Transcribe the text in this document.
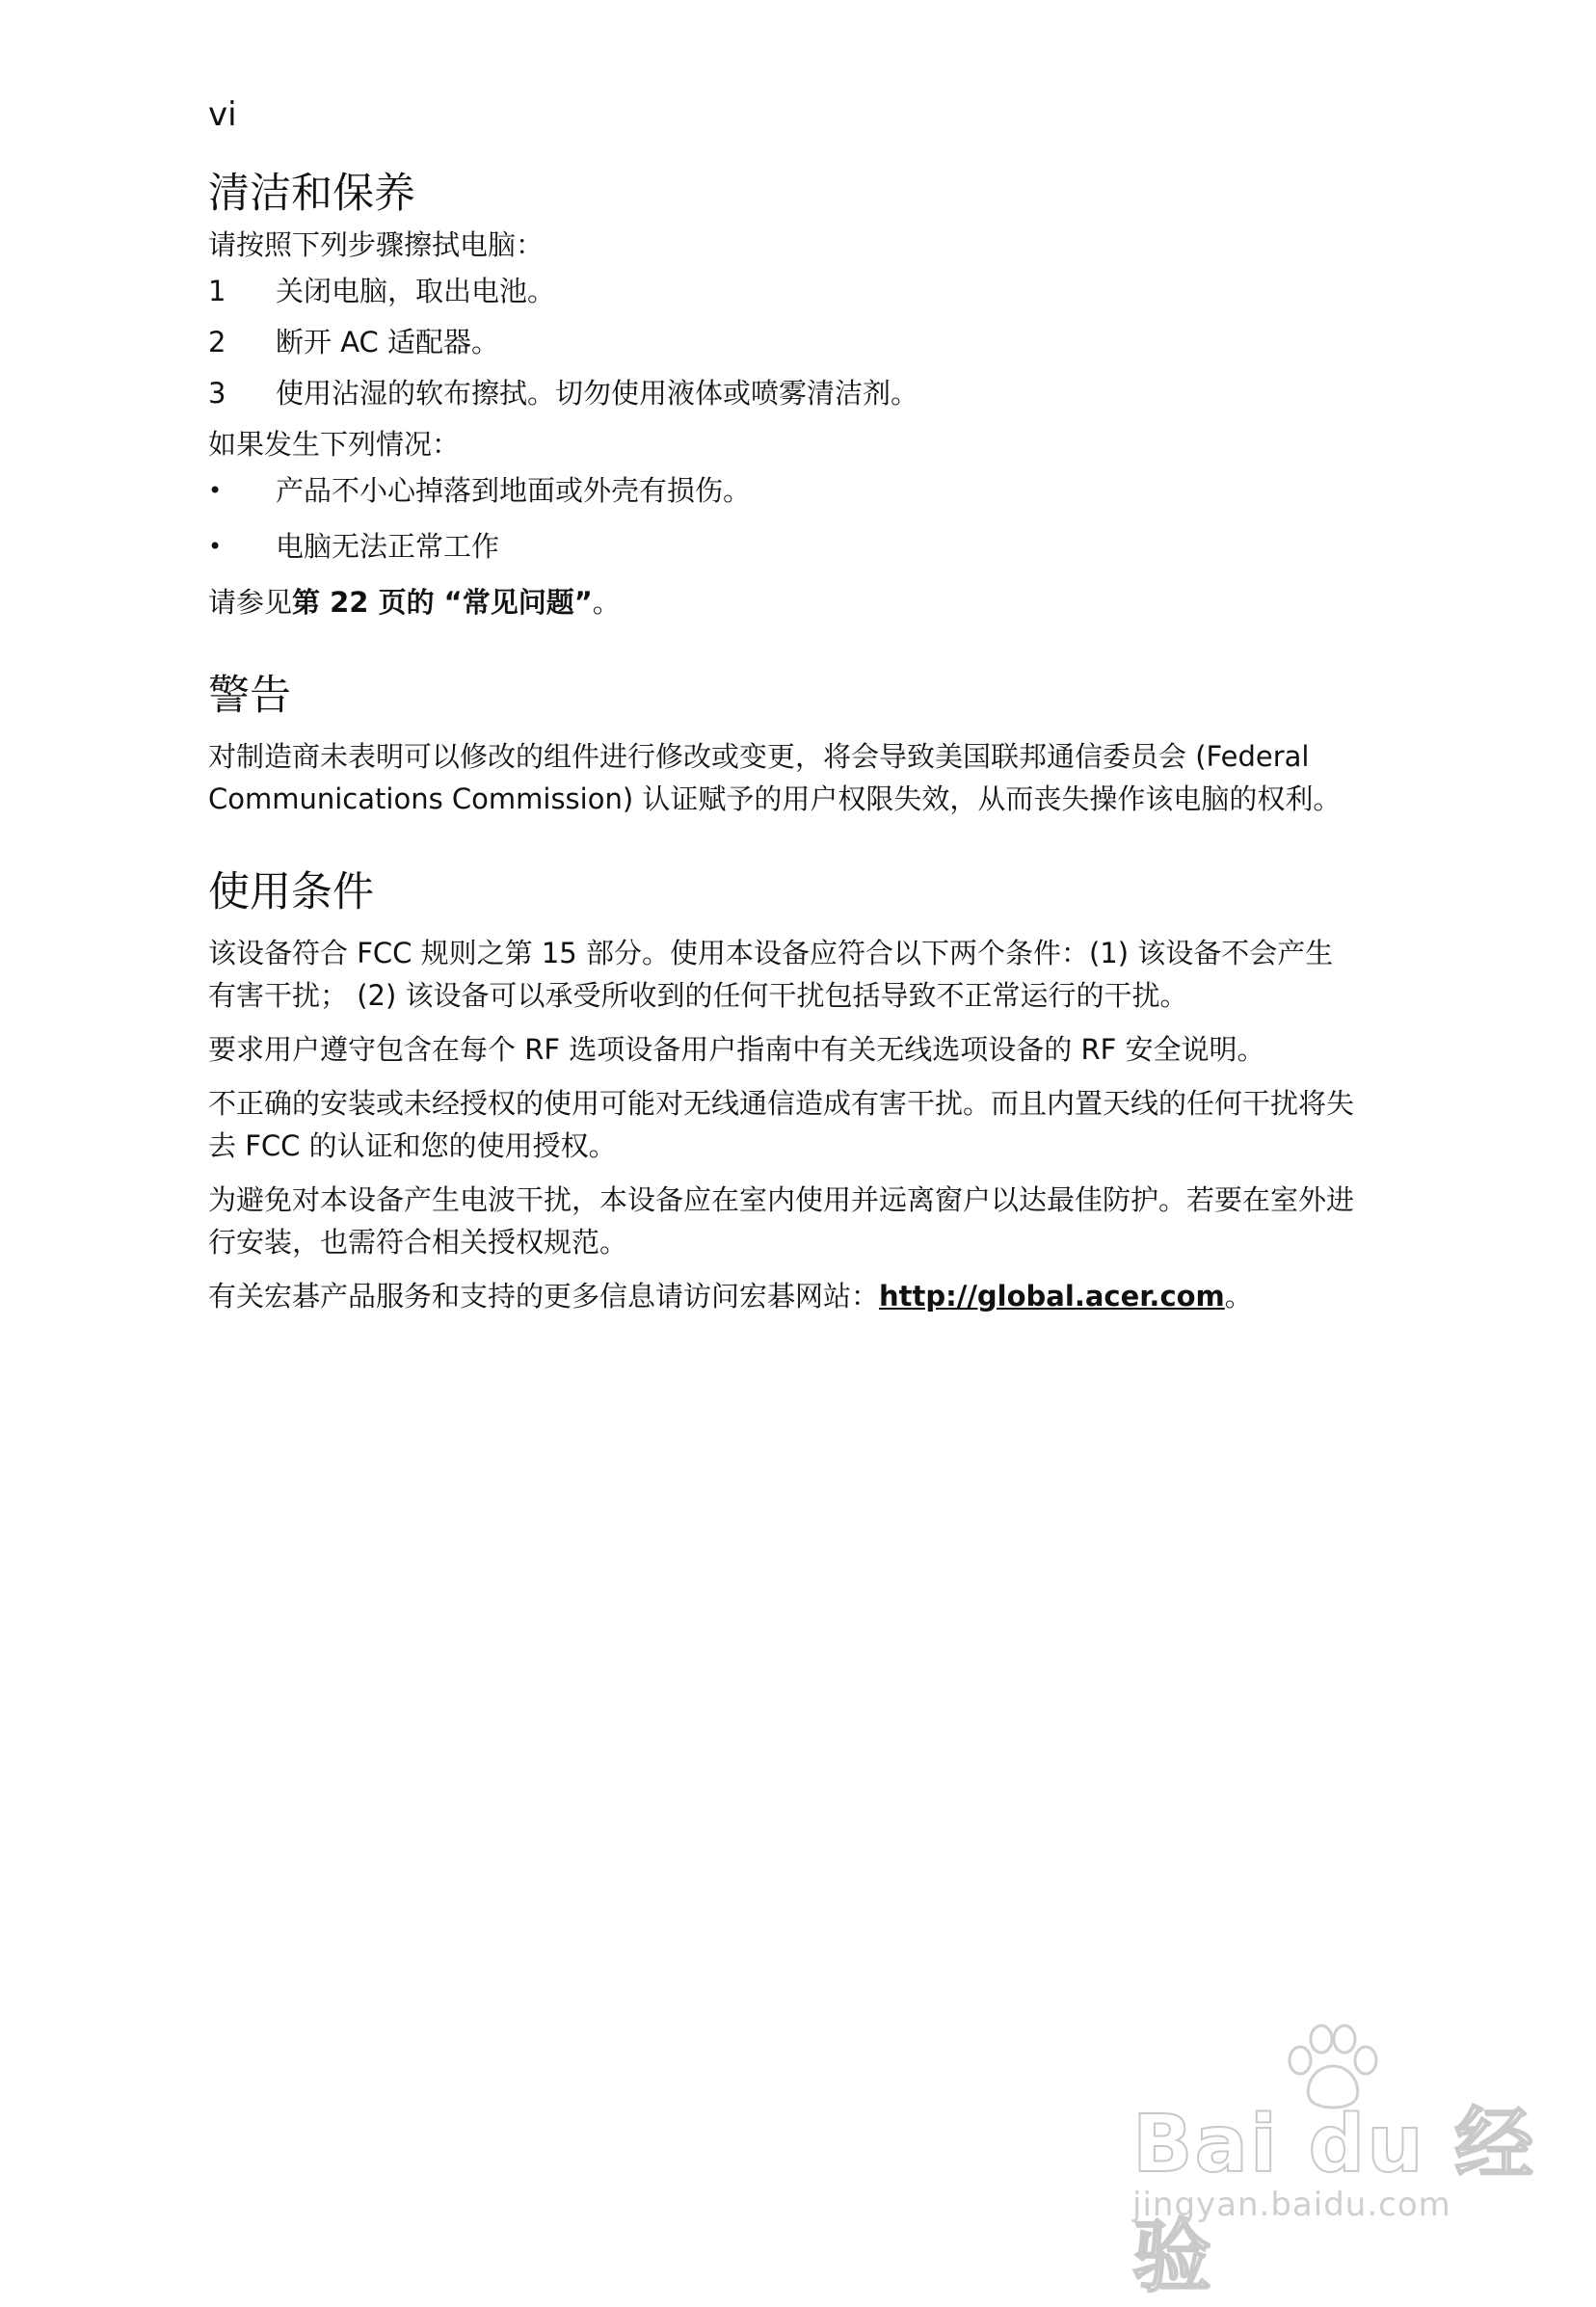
vi
清洁和保养

请按照下列步骤擦拭电脑：

1	关闭电脑，取出电池。
2	断开 AC 适配器。
3	使用沾湿的软布擦拭。切勿使用液体或喷雾清洁剂。

如果发生下列情况：

•	产品不小心掉落到地面或外壳有损伤。
•	电脑无法正常工作

请参见第 22 页的 “常见问题”。

警告

对制造商未表明可以修改的组件进行修改或变更，将会导致美国联邦通信委员会 (Federal Communications Commission) 认证赋予的用户权限失效，从而丧失操作该电脑的权利。

使用条件

该设备符合 FCC 规则之第 15 部分。使用本设备应符合以下两个条件：(1) 该设备不会产生有害干扰； (2) 该设备可以承受所收到的任何干扰包括导致不正常运行的干扰。

要求用户遵守包含在每个 RF 选项设备用户指南中有关无线选项设备的 RF 安全说明。

不正确的安装或未经授权的使用可能对无线通信造成有害干扰。而且内置天线的任何干扰将失去 FCC 的认证和您的使用授权。

为避免对本设备产生电波干扰，本设备应在室内使用并远离窗户以达最佳防护。若要在室外进行安装，也需符合相关授权规范。

有关宏碁产品服务和支持的更多信息请访问宏碁网站：http://global.acer.com。

Bai du 经验
jingyan.baidu.com
